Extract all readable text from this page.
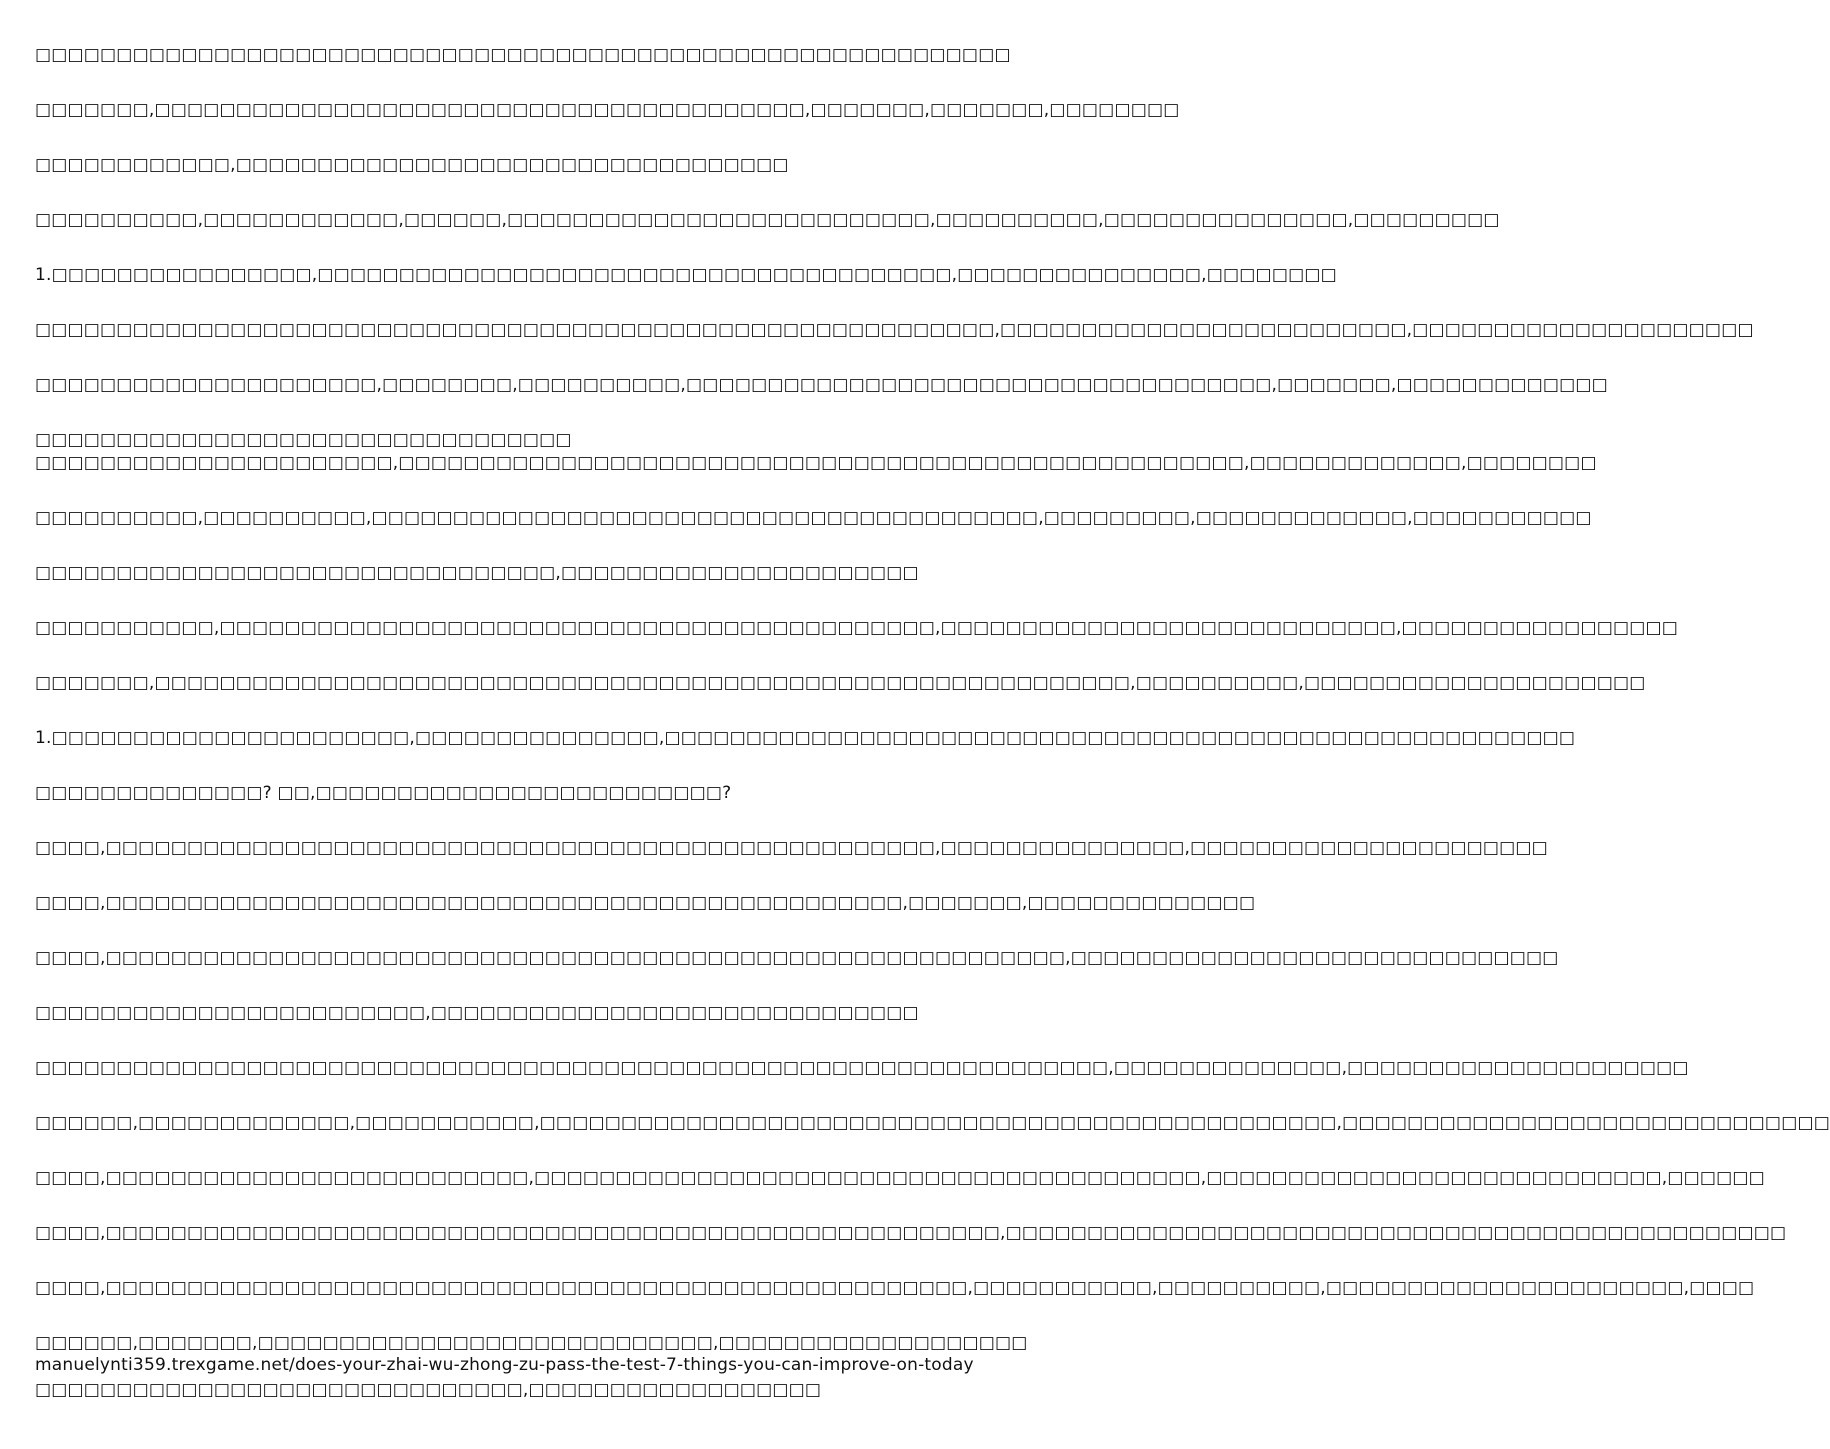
□□□□□□□□□□□□□□□□□□□□□□□□□□□□□□□□□□□□□□□□□□□□□□□□□□□□□□□□□□□□
□□□□□□□,□□□□□□□□□□□□□□□□□□□□□□□□□□□□□□□□□□□□□□□□,□□□□□□□,□□□□□□□,□□□□□□□□
□□□□□□□□□□□□,□□□□□□□□□□□□□□□□□□□□□□□□□□□□□□□□□□
□□□□□□□□□□,□□□□□□□□□□□□,□□□□□□,□□□□□□□□□□□□□□□□□□□□□□□□□□,□□□□□□□□□□,□□□□□□□□□□□□□□□,□□□□□□□□□
1.□□□□□□□□□□□□□□□□,□□□□□□□□□□□□□□□□□□□□□□□□□□□□□□□□□□□□□□□,□□□□□□□□□□□□□□□,□□□□□□□□
□□□□□□□□□□□□□□□□□□□□□□□□□□□□□□□□□□□□□□□□□□□□□□□□□□□□□□□□□□□,□□□□□□□□□□□□□□□□□□□□□□□□□,□□□□□□□□□□□□□□□□□□□□□
□□□□□□□□□□□□□□□□□□□□□,□□□□□□□□,□□□□□□□□□□,□□□□□□□□□□□□□□□□□□□□□□□□□□□□□□□□□□□□,□□□□□□□,□□□□□□□□□□□□□
□□□□□□□□□□□□□□□□□□□□□□□□□□□□□□□□□
□□□□□□□□□□□□□□□□□□□□□□,□□□□□□□□□□□□□□□□□□□□□□□□□□□□□□□□□□□□□□□□□□□□□□□□□□□□,□□□□□□□□□□□□□,□□□□□□□□
□□□□□□□□□□,□□□□□□□□□□,□□□□□□□□□□□□□□□□□□□□□□□□□□□□□□□□□□□□□□□□□,□□□□□□□□□,□□□□□□□□□□□□□,□□□□□□□□□□□
□□□□□□□□□□□□□□□□□□□□□□□□□□□□□□□□,□□□□□□□□□□□□□□□□□□□□□□
□□□□□□□□□□□,□□□□□□□□□□□□□□□□□□□□□□□□□□□□□□□□□□□□□□□□□□□□,□□□□□□□□□□□□□□□□□□□□□□□□□□□□,□□□□□□□□□□□□□□□□□
□□□□□□□,□□□□□□□□□□□□□□□□□□□□□□□□□□□□□□□□□□□□□□□□□□□□□□□□□□□□□□□□□□□□,□□□□□□□□□□,□□□□□□□□□□□□□□□□□□□□□
1.□□□□□□□□□□□□□□□□□□□□□□,□□□□□□□□□□□□□□□,□□□□□□□□□□□□□□□□□□□□□□□□□□□□□□□□□□□□□□□□□□□□□□□□□□□□□□□□
□□□□□□□□□□□□□□? □□,□□□□□□□□□□□□□□□□□□□□□□□□□?
□□□□,□□□□□□□□□□□□□□□□□□□□□□□□□□□□□□□□□□□□□□□□□□□□□□□□□□□,□□□□□□□□□□□□□□□,□□□□□□□□□□□□□□□□□□□□□□
□□□□,□□□□□□□□□□□□□□□□□□□□□□□□□□□□□□□□□□□□□□□□□□□□□□□□□,□□□□□□□,□□□□□□□□□□□□□□
□□□□,□□□□□□□□□□□□□□□□□□□□□□□□□□□□□□□□□□□□□□□□□□□□□□□□□□□□□□□□□□□,□□□□□□□□□□□□□□□□□□□□□□□□□□□□□□
□□□□□□□□□□□□□□□□□□□□□□□□,□□□□□□□□□□□□□□□□□□□□□□□□□□□□□□
□□□□□□□□□□□□□□□□□□□□□□□□□□□□□□□□□□□□□□□□□□□□□□□□□□□□□□□□□□□□□□□□□□,□□□□□□□□□□□□□□,□□□□□□□□□□□□□□□□□□□□□
□□□□□□,□□□□□□□□□□□□□,□□□□□□□□□□□,□□□□□□□□□□□□□□□□□□□□□□□□□□□□□□□□□□□□□□□□□□□□□□□□□,□□□□□□□□□□□□□□□□□□□□□□□□□□□□□□
□□□□,□□□□□□□□□□□□□□□□□□□□□□□□□□,□□□□□□□□□□□□□□□□□□□□□□□□□□□□□□□□□□□□□□□□□,□□□□□□□□□□□□□□□□□□□□□□□□□□□□,□□□□□□
□□□□,□□□□□□□□□□□□□□□□□□□□□□□□□□□□□□□□□□□□□□□□□□□□□□□□□□□□□□□,□□□□□□□□□□□□□□□□□□□□□□□□□□□□□□□□□□□□□□□□□□□□□□□□
□□□□,□□□□□□□□□□□□□□□□□□□□□□□□□□□□□□□□□□□□□□□□□□□□□□□□□□□□□,□□□□□□□□□□□,□□□□□□□□□□,□□□□□□□□□□□□□□□□□□□□□□,□□□□
□□□□□□,□□□□□□□,□□□□□□□□□□□□□□□□□□□□□□□□□□□□,□□□□□□□□□□□□□□□□□□□ manuelynti359.trexgame.net/does-your-zhai-wu-zhong-zu-pass-the-test-7-things-you-can-improve-on-today
□□□□□□□□□□□□□□□□□□□□□□□□□□□□□□,□□□□□□□□□□□□□□□□□□
